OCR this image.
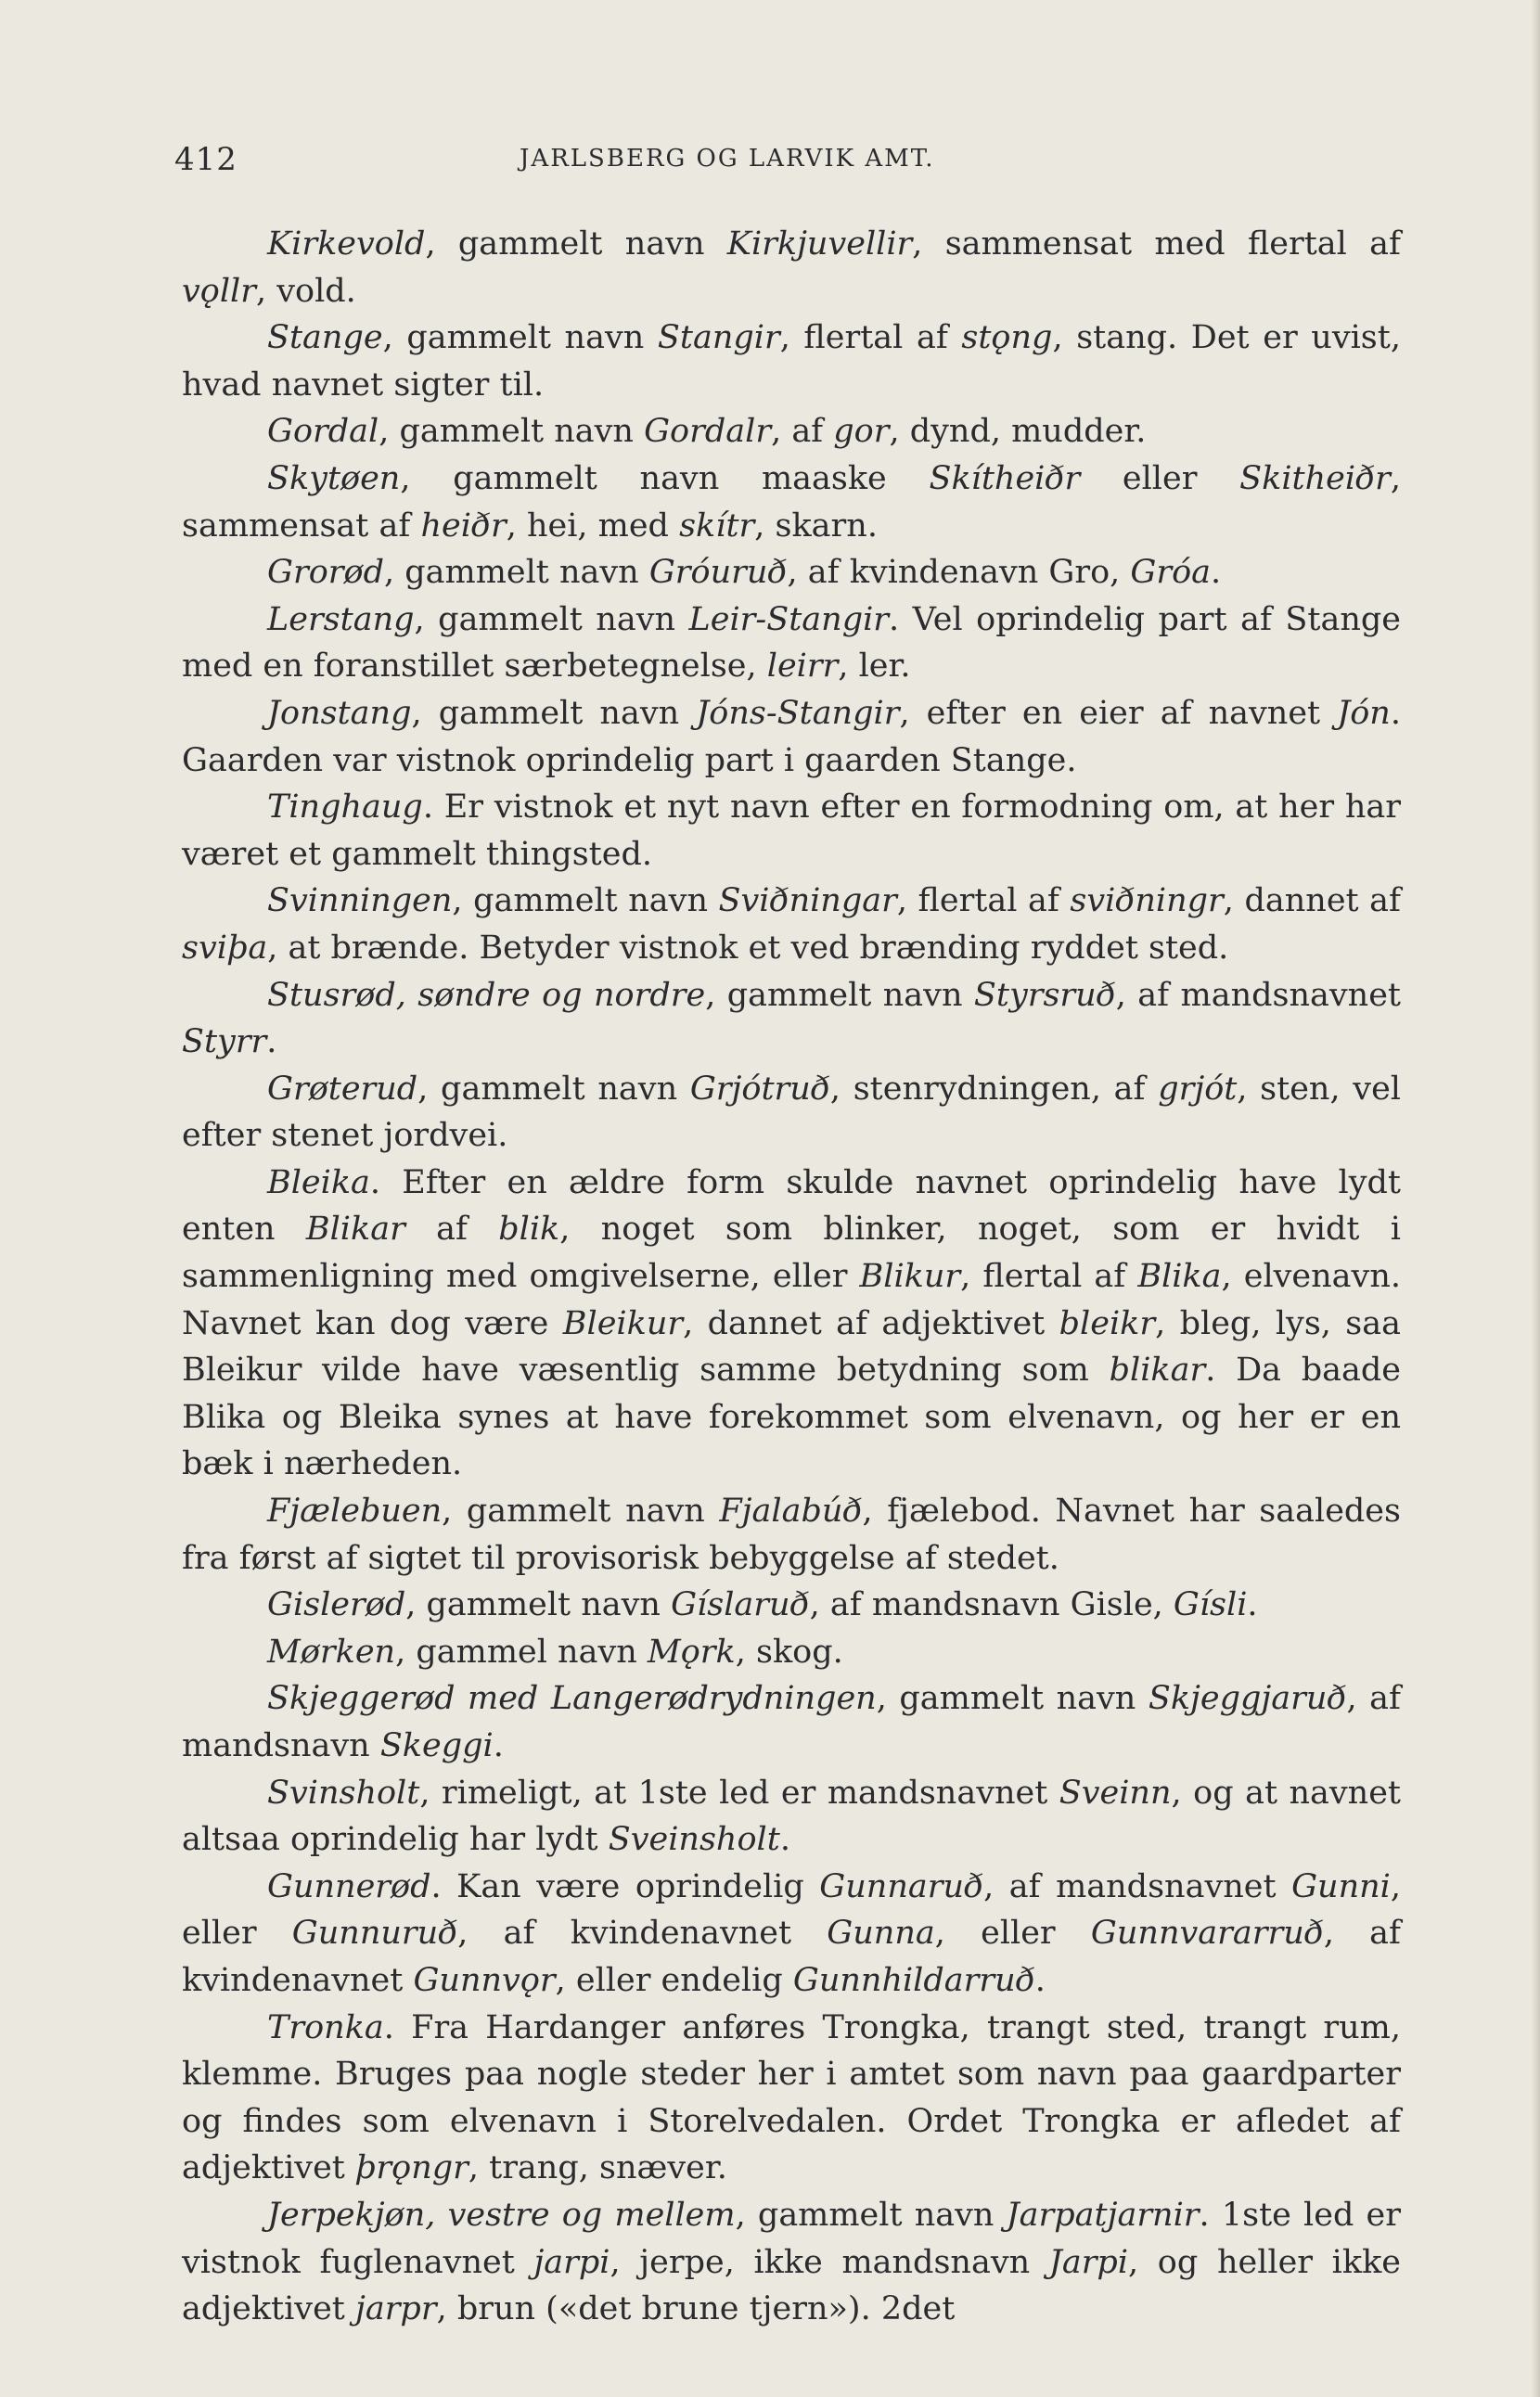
412	JARLSBERG OG LARVIK AMT.

Kirkevold, gammelt navn Kirkjuvellir, sammensat med flertal af vǫllr, vold.

Stange, gammelt navn Stangir, flertal af stǫng, stang. Det er uvist, hvad navnet sigter til.

Gordal, gammelt navn Gordalr, af gor, dynd, mudder.

Skytøen, gammelt navn maaske Skítheiðr eller Skitheiðr, sammensat af heiðr, hei, med skítr, skarn.

Grorød, gammelt navn Gróuruð, af kvindenavn Gro, Gróa.

Lerstang, gammelt navn Leir-Stangir. Vel oprindelig part af Stange med en foranstillet særbetegnelse, leirr, ler.

Jonstang, gammelt navn Jóns-Stangir, efter en eier af navnet Jón. Gaarden var vistnok oprindelig part i gaarden Stange.

Tinghaug. Er vistnok et nyt navn efter en formodning om, at her har været et gammelt thingsted.

Svinningen, gammelt navn Sviðningar, flertal af sviðningr, dannet af sviþa, at brænde. Betyder vistnok et ved brænding ryddet sted.

Stusrød, søndre og nordre, gammelt navn Styrsruð, af mandsnavnet Styrr.

Grøterud, gammelt navn Grjótruð, stenrydningen, af grjót, sten, vel efter stenet jordvei.

Bleika. Efter en ældre form skulde navnet oprindelig have lydt enten Blikar af blik, noget som blinker, noget, som er hvidt i sammenligning med omgivelserne, eller Blikur, flertal af Blika, elvenavn. Navnet kan dog være Bleikur, dannet af adjektivet bleikr, bleg, lys, saa Bleikur vilde have væsentlig samme betydning som blikar. Da baade Blika og Bleika synes at have forekommet som elvenavn, og her er en bæk i nærheden.

Fjælebuen, gammelt navn Fjalabúð, fjælebod. Navnet har saaledes fra først af sigtet til provisorisk bebyggelse af stedet.

Gislerød, gammelt navn Gíslaruð, af mandsnavn Gisle, Gísli.

Mørken, gammel navn Mǫrk, skog.

Skjeggerød med Langerødrydningen, gammelt navn Skjeggjaruð, af mandsnavn Skeggi.

Svinsholt, rimeligt, at 1ste led er mandsnavnet Sveinn, og at navnet altsaa oprindelig har lydt Sveinsholt.

Gunnerød. Kan være oprindelig Gunnaruð, af mandsnavnet Gunni, eller Gunnuruð, af kvindenavnet Gunna, eller Gunnvararruð, af kvindenavnet Gunnvǫr, eller endelig Gunnhildarruð.

Tronka. Fra Hardanger anføres Trongka, trangt sted, trangt rum, klemme. Bruges paa nogle steder her i amtet som navn paa gaardparter og findes som elvenavn i Storelvedalen. Ordet Trongka er afledet af adjektivet þrǫngr, trang, snæver.

Jerpekjøn, vestre og mellem, gammelt navn Jarpatjarnir. 1ste led er vistnok fuglenavnet jarpi, jerpe, ikke mandsnavn Jarpi, og heller ikke adjektivet jarpr, brun («det brune tjern»). 2det
